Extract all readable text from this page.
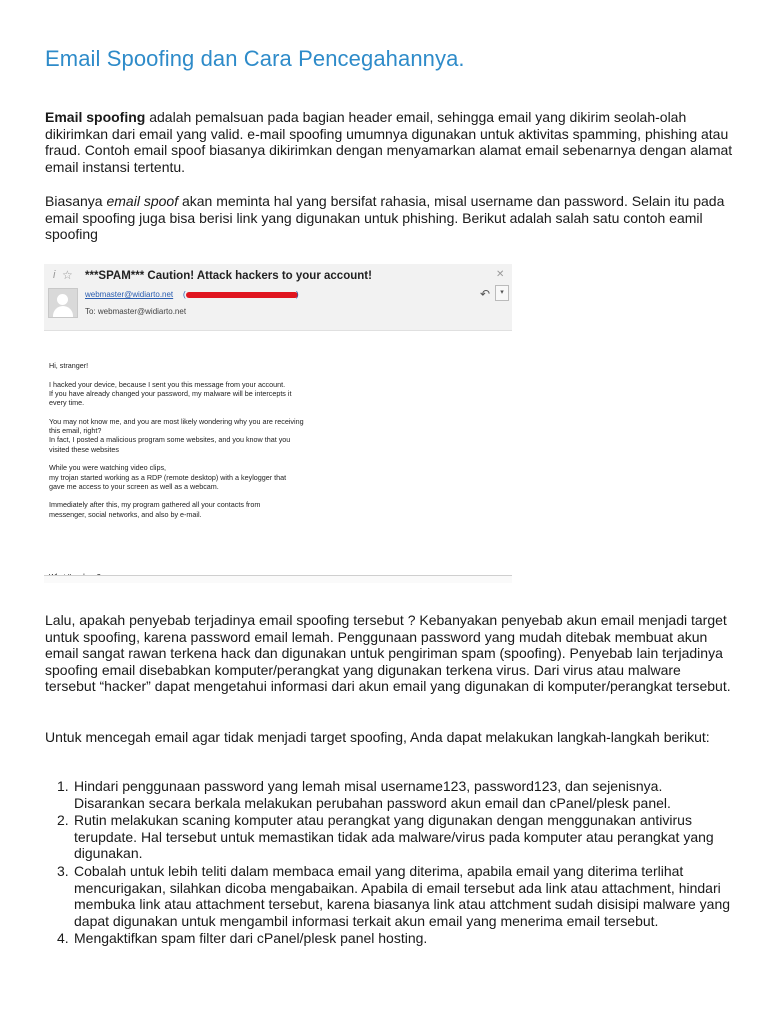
Email Spoofing dan Cara Pencegahannya.

Email spoofing adalah pemalsuan pada bagian header email, sehingga email yang dikirim seolah-olah dikirimkan dari email yang valid. e-mail spoofing umumnya digunakan untuk aktivitas spamming, phishing atau fraud. Contoh email spoof biasanya dikirimkan dengan menyamarkan alamat email sebenarnya dengan alamat email instansi tertentu.

Biasanya email spoof akan meminta hal yang bersifat rahasia, misal username dan password. Selain itu pada email spoofing juga bisa berisi link yang digunakan untuk phishing. Berikut adalah salah satu contoh eamil spoofing

i ☆ ***SPAM*** Caution! Attack hackers to your account!	✕
webmaster@widiarto.net (	)
To: webmaster@widiarto.net
↶	▾

Hi, stranger!

I hacked your device, because I sent you this message from your account.

If you have already changed your password, my malware will be intercepts it

every time.

You may not know me, and you are most likely wondering why you are receiving

this email, right?

In fact, I posted a malicious program some websites, and you know that you

visited these websites

While you were watching video clips,

my trojan started working as a RDP (remote desktop) with a keylogger that

gave me access to your screen as well as a webcam.

Immediately after this, my program gathered all your contacts from

messenger, social networks, and also by e-mail.

Lalu, apakah penyebab terjadinya email spoofing tersebut ? Kebanyakan penyebab akun email menjadi target untuk spoofing, karena password email lemah. Penggunaan password yang mudah ditebak membuat akun email sangat rawan terkena hack dan digunakan untuk pengiriman spam (spoofing). Penyebab lain terjadinya spoofing email disebabkan komputer/perangkat yang digunakan terkena virus. Dari virus atau malware tersebut “hacker” dapat mengetahui informasi dari akun email yang digunakan di komputer/perangkat tersebut.

Untuk mencegah email agar tidak menjadi target spoofing, Anda dapat melakukan langkah-langkah berikut:

1. Hindari penggunaan password yang lemah misal username123, password123, dan sejenisnya. Disarankan secara berkala melakukan perubahan password akun email dan cPanel/plesk panel.
2. Rutin melakukan scaning komputer atau perangkat yang digunakan dengan menggunakan antivirus terupdate. Hal tersebut untuk memastikan tidak ada malware/virus pada komputer atau perangkat yang digunakan.
3. Cobalah untuk lebih teliti dalam membaca email yang diterima, apabila email yang diterima terlihat mencurigakan, silahkan dicoba mengabaikan. Apabila di email tersebut ada link atau attachment, hindari membuka link atau attachment tersebut, karena biasanya link atau attchment sudah disisipi malware yang dapat digunakan untuk mengambil informasi terkait akun email yang menerima email tersebut.
4. Mengaktifkan spam filter dari cPanel/plesk panel hosting.
